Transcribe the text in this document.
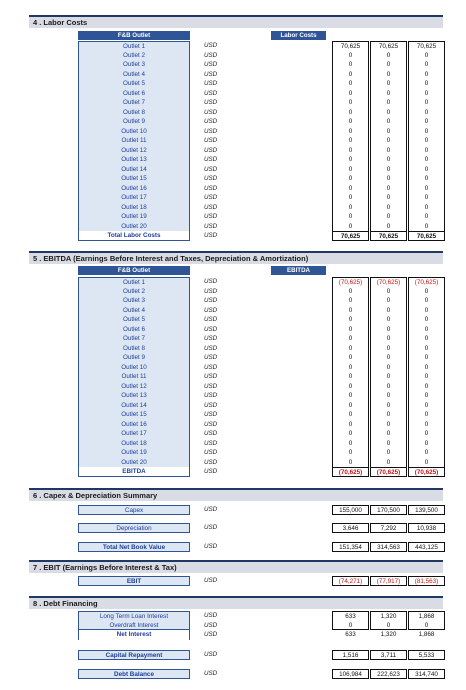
4 . Labor Costs
F&B Outlet	Labor Costs
Outlet 1	USD	70,625	70,625	70,625
Outlet 2	USD	0	0	0
Outlet 3	USD	0	0	0
Outlet 4	USD	0	0	0
Outlet 5	USD	0	0	0
Outlet 6	USD	0	0	0
Outlet 7	USD	0	0	0
Outlet 8	USD	0	0	0
Outlet 9	USD	0	0	0
Outlet 10	USD	0	0	0
Outlet 11	USD	0	0	0
Outlet 12	USD	0	0	0
Outlet 13	USD	0	0	0
Outlet 14	USD	0	0	0
Outlet 15	USD	0	0	0
Outlet 16	USD	0	0	0
Outlet 17	USD	0	0	0
Outlet 18	USD	0	0	0
Outlet 19	USD	0	0	0
Outlet 20	USD	0	0	0
Total Labor Costs	USD	70,625	70,625	70,625
5 . EBITDA (Earnings Before Interest and Taxes, Depreciation & Amortization)
F&B Outlet	EBITDA
Outlet 1	USD	(70,625)	(70,625)	(70,625)
Outlet 2	USD	0	0	0
Outlet 3	USD	0	0	0
Outlet 4	USD	0	0	0
Outlet 5	USD	0	0	0
Outlet 6	USD	0	0	0
Outlet 7	USD	0	0	0
Outlet 8	USD	0	0	0
Outlet 9	USD	0	0	0
Outlet 10	USD	0	0	0
Outlet 11	USD	0	0	0
Outlet 12	USD	0	0	0
Outlet 13	USD	0	0	0
Outlet 14	USD	0	0	0
Outlet 15	USD	0	0	0
Outlet 16	USD	0	0	0
Outlet 17	USD	0	0	0
Outlet 18	USD	0	0	0
Outlet 19	USD	0	0	0
Outlet 20	USD	0	0	0
EBITDA	USD	(70,625)	(70,625)	(70,625)
6 . Capex & Depreciation Summary
Capex	USD	155,000	170,500	139,500
Depreciation	USD	3,646	7,292	10,938
Total Net Book Value	USD	151,354	314,563	443,125
7 . EBIT (Earnings Before Interest & Tax)
EBIT	USD	(74,271)	(77,917)	(81,563)
8 . Debt Financing
Long Term Loan Interest	USD	633	1,320	1,868
Overdraft Interest	USD	0	0	0
Net Interest	USD	633	1,320	1,868
Capital Repayment	USD	1,516	3,711	5,533
Debt Balance	USD	106,984	222,623	314,740
